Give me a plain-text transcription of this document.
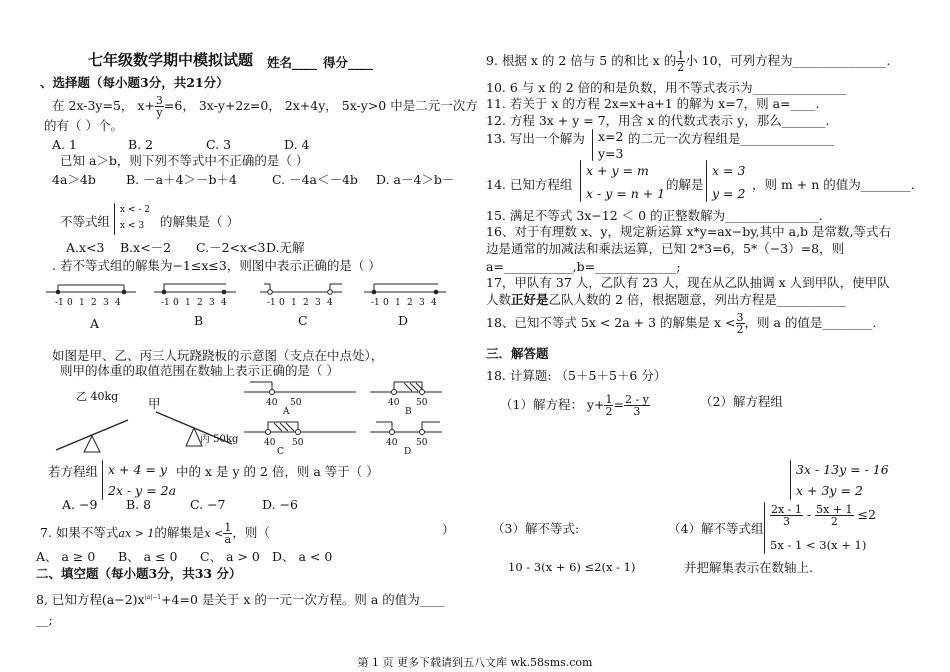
七年级数学期中模拟试题 姓名____ 得分____
、选择题（每小题3分，共21分）
在 2x-3y=5， $x+ \frac{3}{y} =6$， 3x-y+2z=0， 2x+4y， 5x-y>0 中是二元一次方
的有（ ）个。
A. 1	B. 2	C. 3	D. 4
已知 a＞b，则下列不等式中不正确的是（ ）
4a＞4b B. －a＋4＞－b＋4	C. －4a＜－4b D. a－4＞b－
不等式组
x < - 2
x < 3 的解集是（ ）
A.x<3 B.x<－2 C.－2<x<3 D.无解
. 若不等式组的解集为−1≤x≤3，则图中表示正确的是（ ）
-1 0 1 2 3 4	-1 0 1 2 3 4	-1 0 1 2 3 4	-1 0 1 2 3 4
A	B	C	D
如图是甲、乙、丙三人玩跷跷板的示意图（支点在中点处），
则甲的体重的取值范围在数轴上表示正确的是（ ）
乙 40kg 甲
丙 50kg
40 50	40 50
40 50	40 50
A	B
C	D
若方程组 x + 4 = y
2x - y = 2a
中的 x 是 y 的 2 倍，则 a 等于（ ）
A. −9 B. 8	C. −7	D. −6
7. 如果不等式ax > 1的解集是$x < \frac{1}{a}$ ，则（	）
A、 a ≥ 0 B、 a ≤ 0 C、 a > 0 D、 a < 0
二、填空题（每小题3分，共33 分）
8, 已知方程$(a-2)x^{|a|-1}+4=0$ 是关于 x 的一元一次方程。则 a 的值为____
__;
9. 根据 x 的 2 倍与 5 的和比 x 的 $\frac{1}{2}$ 小 10，可列方程为_______________.
10. 6 与 x 的 2 倍的和是负数，用不等式表示为_______________
11. 若关于 x 的方程 2x=x+a+1 的解为 x=7，则 a=____.
12. 方程 3x + y = 7，用含 x 的代数式表示 y，那么_______.
13. 写出一个解为 x=2
y=3
的二元一次方程组是_______________
14. 已知方程组
x + y = m
x - y = n + 1
的解是
x = 3
y = 2
，则 m + n 的值为________.
15. 满足不等式 3x−12 ＜ 0 的正整数解为_______________.
16、对于有理数 x、y，规定新运算 x*y=ax−by,其中 a,b 是常数,等式右
边是通常的加减法和乘法运算，已知 2*3=6，5*（−3）=8，则
a=___________,b=_____________;
17，甲队有 37 人，乙队有 23 人，现在从乙队抽调 x 人到甲队，使甲队
人数正好是乙队人数的 2 倍，根据题意，列出方程是___________
18、已知不等式 5x < 2a + 3 的解集是 $x < \frac{3}{2}$ ，则 a 的值是________.
三．解答题
18. 计算题: （5＋5＋5＋6 分）
（1）解方程： $y+ \frac{1}{2} = \frac{2 - y}{3}$	（2）解方程组
3x - 13y = - 16
x + 3y = 2
（3）解不等式:	（4）解不等式组
$\frac{2x - 1}{3} - \frac{5x + 1}{2} \le 2$
5x - 1 < 3(x + 1)
10 - 3(x + 6) ≤2(x - 1)	并把解集表示在数轴上.
第 1 页 更多下载请到五八文库 wk.58sms.com
